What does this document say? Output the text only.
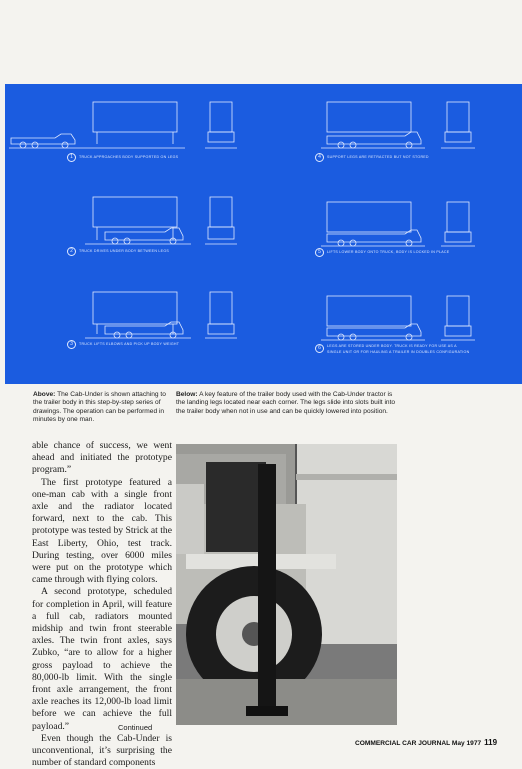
1	TRUCK APPROACHES BODY SUPPORTED ON LEGS
2	TRUCK DRIVES UNDER BODY BETWEEN LEGS
3	TRUCK LIFTS ELBOWS AND PICK UP BODY WEIGHT
4	SUPPORT LEGS ARE RETRACTED BUT NOT STORED
5	LIFTS LOWER BODY ONTO TRUCK, BODY IS LOCKED IN PLACE
6	LEGS ARE STORED UNDER BODY. TRUCK IS READY FOR USE AS A
SINGLE UNIT OR FOR HAULING A TRAILER IN DOUBLES CONFIGURATION
Above: The Cab-Under is shown attaching to the trailer body in this step-by-step series of drawings. The operation can be performed in minutes by one man.
Below: A key feature of the trailer body used with the Cab-Under tractor is the landing legs located near each corner. The legs slide into slots built into the trailer body when not in use and can be quickly lowered into position.

able chance of success, we went ahead and initiated the prototype program.”

The first prototype featured a one-man cab with a single front axle and the radiator located forward, next to the cab. This prototype was tested by Strick at the East Liberty, Ohio, test track. During testing, over 6000 miles were put on the prototype which came through with flying colors.

A second prototype, scheduled for completion in April, will feature a full cab, radiators mounted midship and twin front steerable axles. The twin front axles, says Zubko, “are to allow for a higher gross payload to achieve the 80,000-lb limit. With the single front axle arrangement, the front axle reaches its 12,000-lb load limit before we can achieve the full payload.”

Even though the Cab-Under is unconventional, it’s surprising the number of standard components

Continued
COMMERCIAL CAR JOURNAL May 1977 119
